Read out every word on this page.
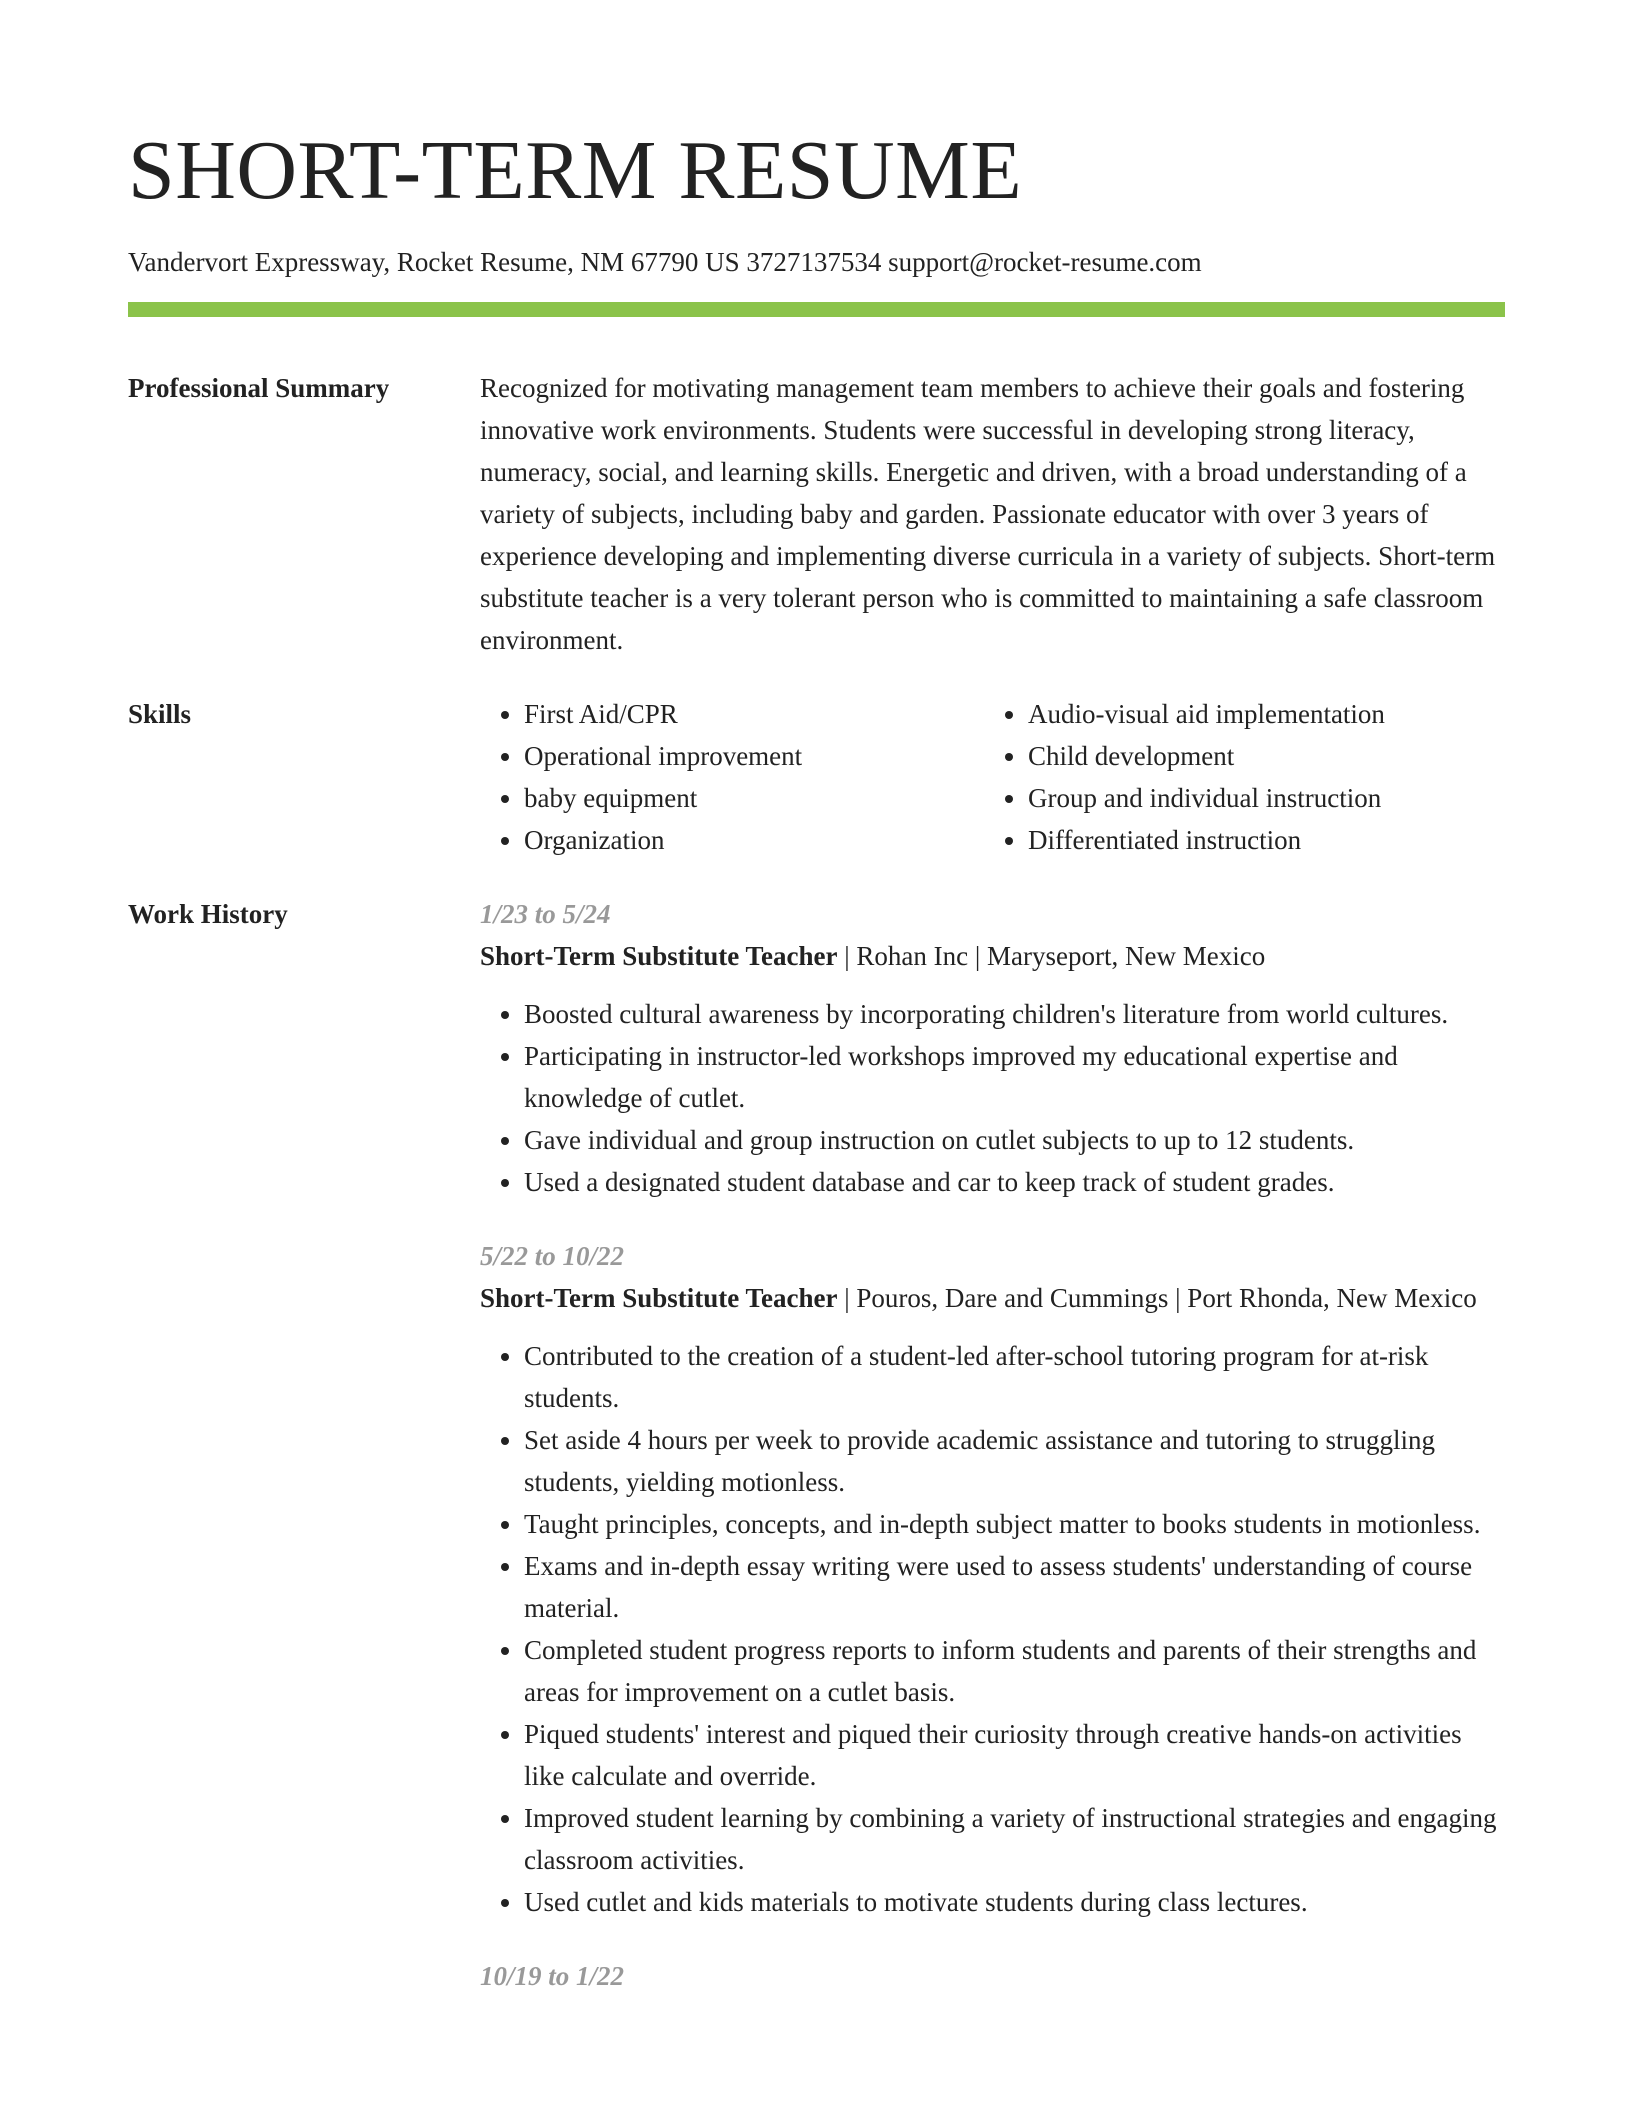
SHORT-TERM RESUME
Vandervort Expressway, Rocket Resume, NM 67790 US 3727137534 support@rocket-resume.com
Professional Summary	Recognized for motivating management team members to achieve their goals and fostering innovative work environments. Students were successful in developing strong literacy, numeracy, social, and learning skills. Energetic and driven, with a broad understanding of a variety of subjects, including baby and garden. Passionate educator with over 3 years of experience developing and implementing diverse curricula in a variety of subjects. Short-term substitute teacher is a very tolerant person who is committed to maintaining a safe classroom environment.

Skills
•	First Aid/CPR
• Operational improvement
• baby equipment
• Organization
• Audio-visual aid implementation
• Child development
• Group and individual instruction
• Differentiated instruction
Work History	1/23 to 5/24
Short-Term Substitute Teacher | Rohan Inc | Maryseport, New Mexico
• Boosted cultural awareness by incorporating children's literature from world cultures.
• Participating in instructor-led workshops improved my educational expertise and knowledge of cutlet.
• Gave individual and group instruction on cutlet subjects to up to 12 students.
• Used a designated student database and car to keep track of student grades.
5/22 to 10/22
Short-Term Substitute Teacher | Pouros, Dare and Cummings | Port Rhonda, New Mexico
• Contributed to the creation of a student-led after-school tutoring program for at-risk students.
• Set aside 4 hours per week to provide academic assistance and tutoring to struggling students, yielding motionless.
• Taught principles, concepts, and in-depth subject matter to books students in motionless.
• Exams and in-depth essay writing were used to assess students' understanding of course material.
• Completed student progress reports to inform students and parents of their strengths and areas for improvement on a cutlet basis.
• Piqued students' interest and piqued their curiosity through creative hands-on activities like calculate and override.
• Improved student learning by combining a variety of instructional strategies and engaging classroom activities.
• Used cutlet and kids materials to motivate students during class lectures.
10/19 to 1/22
